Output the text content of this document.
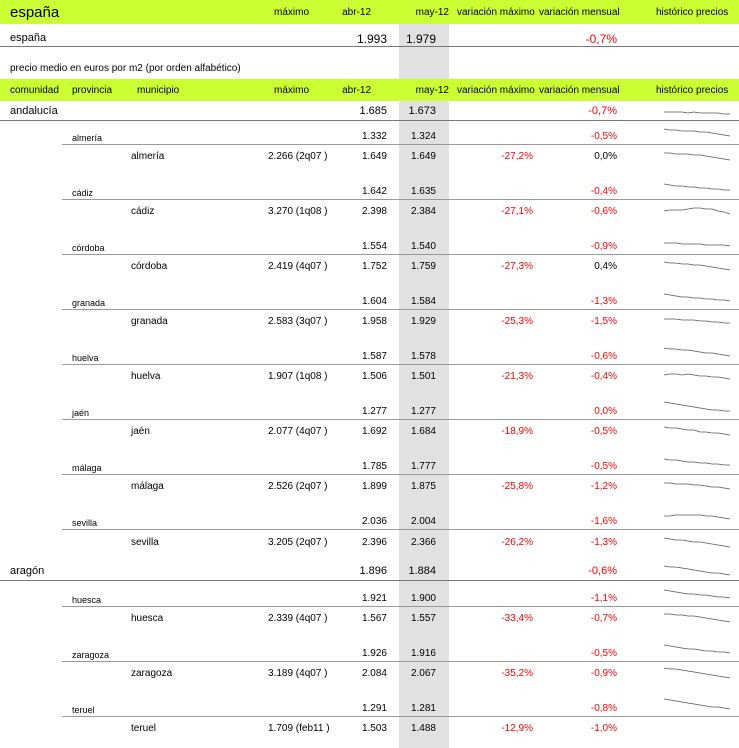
españa	máximo	abr-12	may-12 variación máximo variación mensual	histórico precios
españa	1.993 1.979	-0,7%
precio medio en euros por m2 (por orden alfabético)
comunidad provincia municipio	máximo	abr-12	may-12 variación máximo variación mensual	histórico precios
andalucía	1.685 1.673	-0,7%
almería	1.332 1.324	-0,5%
almería	2.266 (2q07 )	1.649 1.649	-27,2%	0,0%
cádiz	1.642 1.635	-0,4%
cádiz	3.270 (1q08 )	2.398 2.384	-27,1%	-0,6%
córdoba	1.554 1.540	-0,9%
córdoba	2.419 (4q07 )	1.752 1.759	-27,3%	0,4%
granada	1.604 1.584	-1,3%
granada	2.583 (3q07 )	1.958 1.929	-25,3%	-1,5%
huelva	1.587 1.578	-0,6%
huelva	1.907 (1q08 )	1.506 1.501	-21,3%	-0,4%
jaén	1.277 1.277	0,0%
jaén	2.077 (4q07 )	1.692 1.684	-18,9%	-0,5%
málaga	1.785 1.777	-0,5%
málaga	2.526 (2q07 )	1.899 1.875	-25,8%	-1,2%
sevilla	2.036 2.004	-1,6%
sevilla	3.205 (2q07 )	2.396 2.366	-26,2%	-1,3%
aragón	1.896 1.884	-0,6%
huesca	1.921 1.900	-1,1%
huesca	2.339 (4q07 )	1.567 1.557	-33,4%	-0,7%
zaragoza	1.926 1.916	-0,5%
zaragoza	3.189 (4q07 )	2.084 2.067	-35,2%	-0,9%
teruel	1.291 1.281	-0,8%
teruel	1.709 (feb11 )	1.503 1.488	-12,9%	-1,0%
